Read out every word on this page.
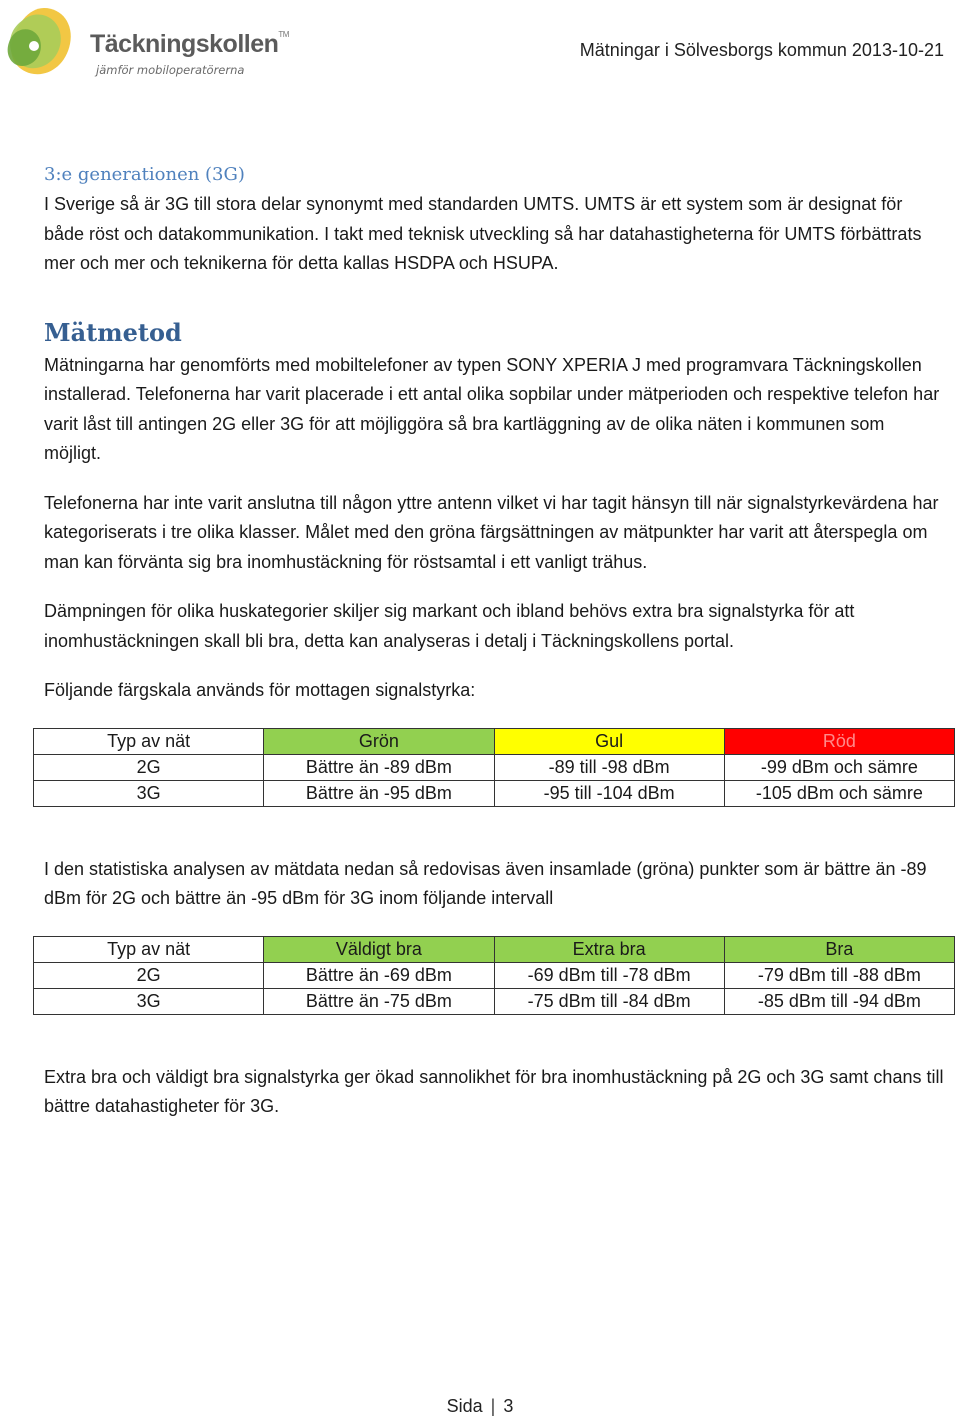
Täckningskollen™
jämför mobiloperatörerna
Mätningar i Sölvesborgs kommun 2013-10-21
3:e generationen (3G)

I Sverige så är 3G till stora delar synonymt med standarden UMTS. UMTS är ett system som är designat för både röst och datakommunikation. I takt med teknisk utveckling så har datahastigheterna för UMTS förbättrats mer och mer och teknikerna för detta kallas HSDPA och HSUPA.

Mätmetod

Mätningarna har genomförts med mobiltelefoner av typen SONY XPERIA J med programvara Täckningskollen installerad. Telefonerna har varit placerade i ett antal olika sopbilar under mätperioden och respektive telefon har varit låst till antingen 2G eller 3G för att möjliggöra så bra kartläggning av de olika näten i kommunen som möjligt.

Telefonerna har inte varit anslutna till någon yttre antenn vilket vi har tagit hänsyn till när signalstyrkevärdena har kategoriserats i tre olika klasser. Målet med den gröna färgsättningen av mätpunkter har varit att återspegla om man kan förvänta sig bra inomhustäckning för röstsamtal i ett vanligt trähus.

Dämpningen för olika huskategorier skiljer sig markant och ibland behövs extra bra signalstyrka för att inomhustäckningen skall bli bra, detta kan analyseras i detalj i Täckningskollens portal.

Följande färgskala används för mottagen signalstyrka:

Typ av nät	Grön	Gul	Röd
2G	Bättre än -89 dBm	-89 till -98 dBm	-99 dBm och sämre
3G	Bättre än -95 dBm	-95 till -104 dBm	-105 dBm och sämre

I den statistiska analysen av mätdata nedan så redovisas även insamlade (gröna) punkter som är bättre än -89 dBm för 2G och bättre än -95 dBm för 3G inom följande intervall

Typ av nät	Väldigt bra	Extra bra	Bra
2G	Bättre än -69 dBm	-69 dBm till -78 dBm	-79 dBm till -88 dBm
3G	Bättre än -75 dBm	-75 dBm till -84 dBm	-85 dBm till -94 dBm

Extra bra och väldigt bra signalstyrka ger ökad sannolikhet för bra inomhustäckning på 2G och 3G samt chans till bättre datahastigheter för 3G.

Sida | 3
